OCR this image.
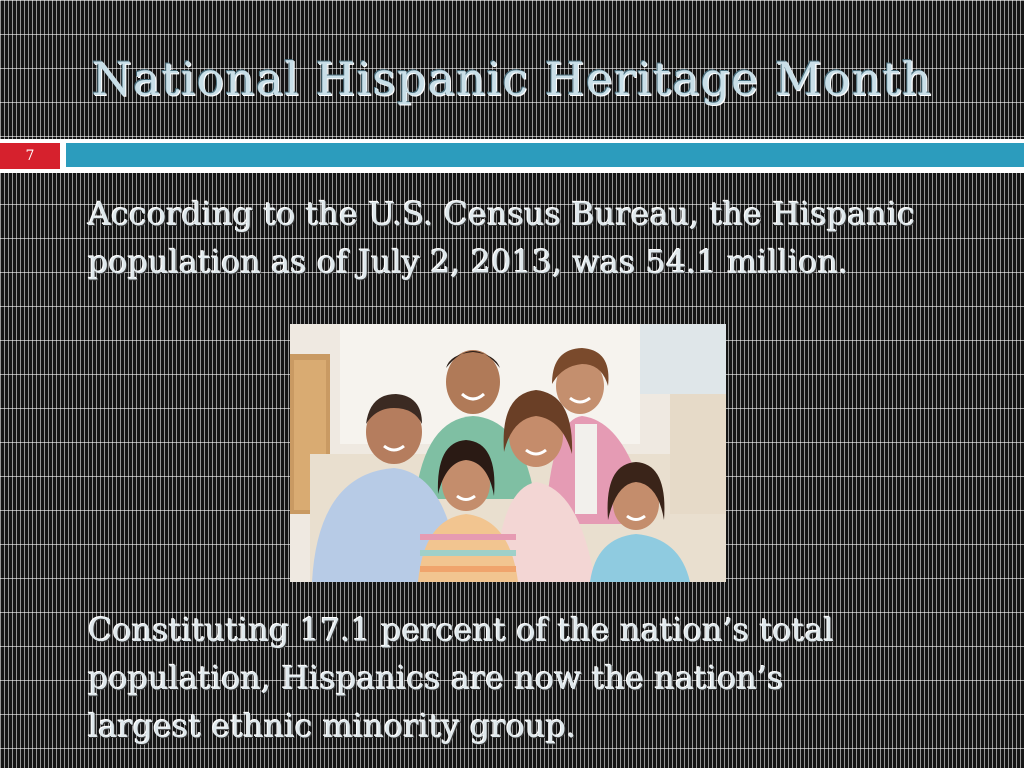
National Hispanic Heritage Month
7
According to the U.S. Census Bureau, the Hispanic population as of July 2, 2013, was 54.1 million.
Constituting 17.1 percent of the nation’s total population, Hispanics are now the nation’s largest ethnic minority group.
